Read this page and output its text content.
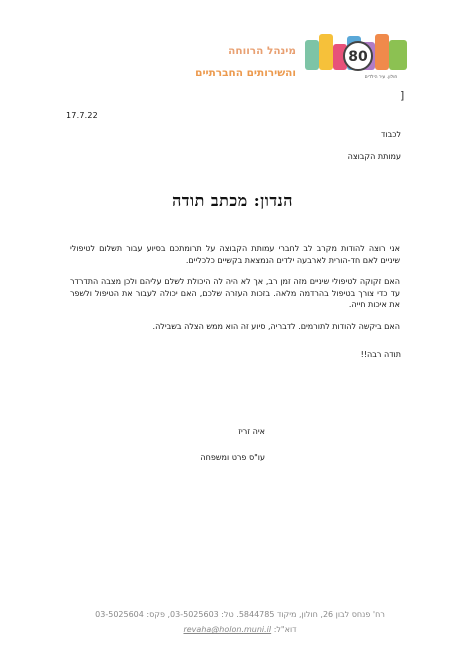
מינהל הרווחה
והשירותים החברתיים
80
חולון. עיר הילדים
]
17.7.22
לכבוד
עמותת הקבוצה
הנדון: מכתב תודה

אני רוצה להודות מקרב לב לחברי עמותת הקבוצה על תרומתכם בסיוע עבור תשלום לטיפולי שיניים לאם חד-הורית לארבעה ילדים הנמצאת בקשיים כלכליים.

האם זקוקה לטיפולי שיניים מזה זמן רב, אך לא היה לה היכולת לשלם עליהם ולכן מצבה התדרדר עד כדי צורך בטיפול בהרדמה מלאה. בזכות העזרה שלכם, האם יכולה לעבור את הטיפול ולשפר את איכות חייה.

האם ביקשה להודות לתורמים. לדבריה, סיוע זה הוא ממש הצלה בשבילה.

תודה רבה!!
איה זריז
עו"ס פרט ומשפחה
רח' פנחס לבון 26, חולון, מיקוד 5844785. טל: 03-5025603, פקס: 03-5025604
דוא"ל: revaha@holon.muni.il
